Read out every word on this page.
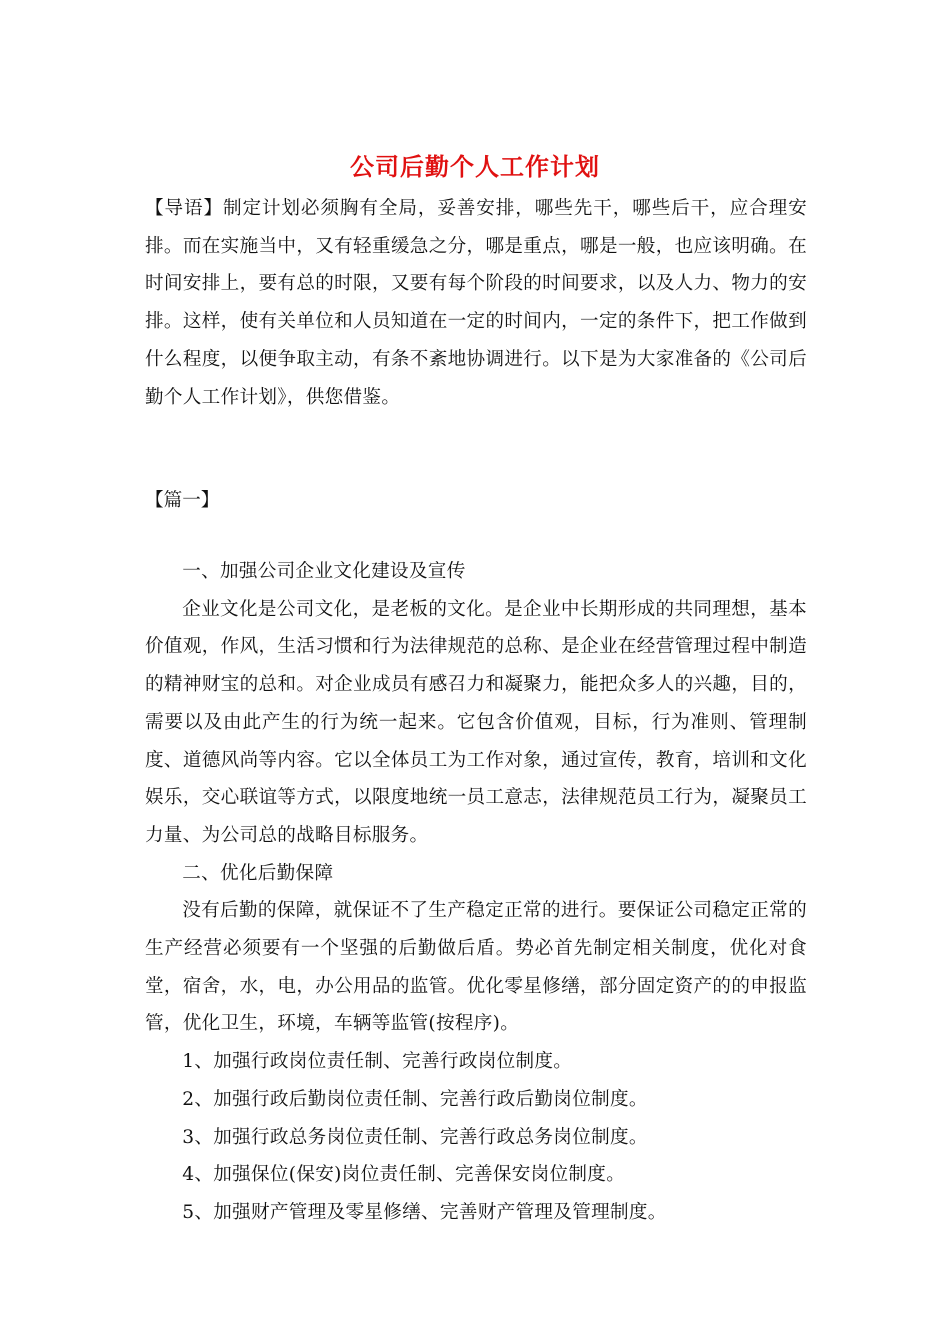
公司后勤个人工作计划
【导语】制定计划必须胸有全局，妥善安排，哪些先干，哪些后干，应合理安排。而在实施当中，又有轻重缓急之分，哪是重点，哪是一般，也应该明确。在时间安排上，要有总的时限，又要有每个阶段的时间要求，以及人力、物力的安排。这样，使有关单位和人员知道在一定的时间内，一定的条件下，把工作做到什么程度，以便争取主动，有条不紊地协调进行。以下是为大家准备的《公司后勤个人工作计划》，供您借鉴。
【篇一】

一、加强公司企业文化建设及宣传

企业文化是公司文化，是老板的文化。是企业中长期形成的共同理想，基本价值观，作风，生活习惯和行为法律规范的总称、是企业在经营管理过程中制造的精神财宝的总和。对企业成员有感召力和凝聚力，能把众多人的兴趣，目的，需要以及由此产生的行为统一起来。它包含价值观，目标，行为准则、管理制度、道德风尚等内容。它以全体员工为工作对象，通过宣传，教育，培训和文化娱乐，交心联谊等方式，以限度地统一员工意志，法律规范员工行为，凝聚员工力量、为公司总的战略目标服务。

二、优化后勤保障

没有后勤的保障，就保证不了生产稳定正常的进行。要保证公司稳定正常的生产经营必须要有一个坚强的后勤做后盾。势必首先制定相关制度，优化对食堂，宿舍，水，电，办公用品的监管。优化零星修缮，部分固定资产的的申报监管，优化卫生，环境，车辆等监管(按程序)。

1、加强行政岗位责任制、完善行政岗位制度。

2、加强行政后勤岗位责任制、完善行政后勤岗位制度。

3、加强行政总务岗位责任制、完善行政总务岗位制度。

4、加强保位(保安)岗位责任制、完善保安岗位制度。

5、加强财产管理及零星修缮、完善财产管理及管理制度。
